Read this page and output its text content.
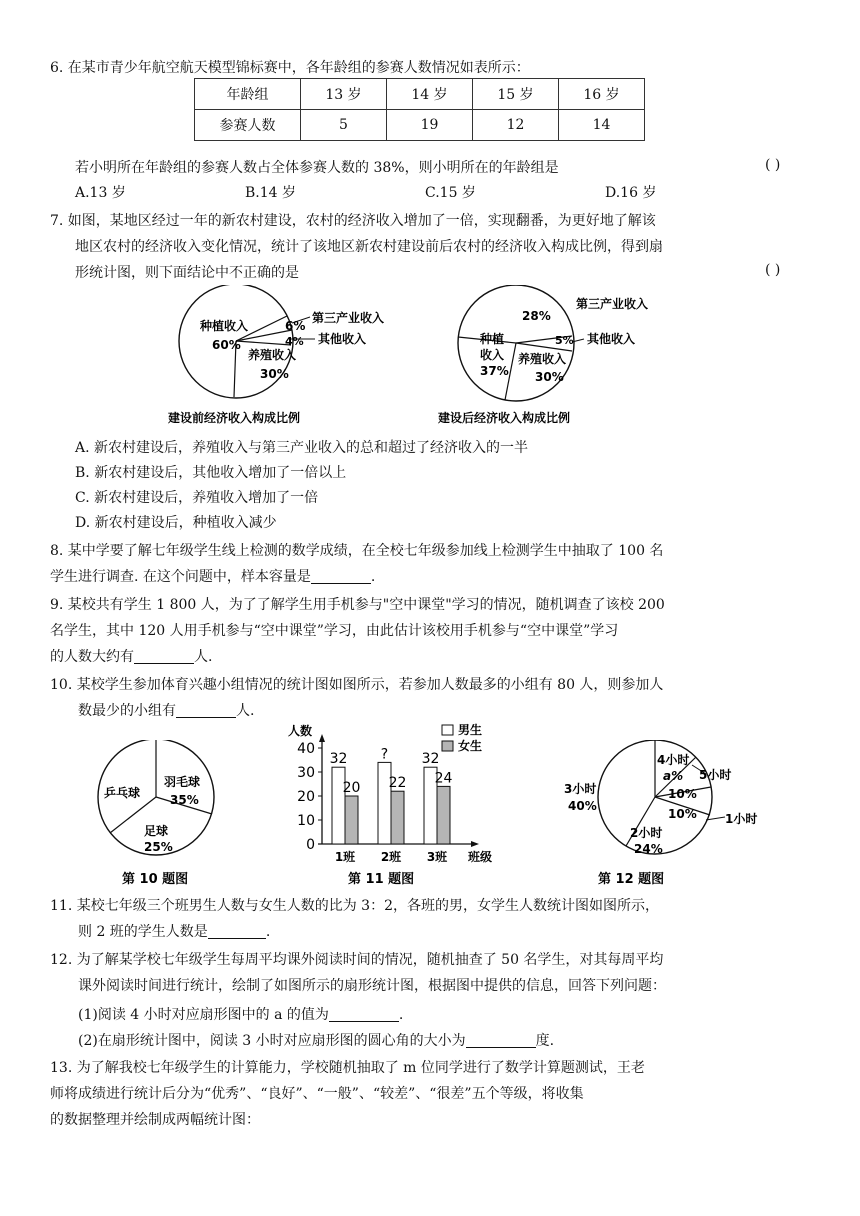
6. 在某市青少年航空航天模型锦标赛中，各年龄组的参赛人数情况如表所示：
年龄组	13 岁	14 岁	15 岁	16 岁
参赛人数	5	19	12	14
若小明所在年龄组的参赛人数占全体参赛人数的 38%，则小明所在的年龄组是	( )
A.13 岁	B.14 岁	C.15 岁	D.16 岁
7. 如图，某地区经过一年的新农村建设，农村的经济收入增加了一倍，实现翻番，为更好地了解该
地区农村的经济收入变化情况，统计了该地区新农村建设前后农村的经济收入构成比例，得到扇
形统计图，则下面结论中不正确的是	( )
种植收入
60%
6%
4%
养殖收入
30%
第三产业收入
其他收入
28%
种植
收入
37%
5%
养殖收入
30%
第三产业收入
其他收入
建设前经济收入构成比例	建设后经济收入构成比例
A. 新农村建设后，养殖收入与第三产业收入的总和超过了经济收入的一半
B. 新农村建设后，其他收入增加了一倍以上
C. 新农村建设后，养殖收入增加了一倍
D. 新农村建设后，种植收入减少
8. 某中学要了解七年级学生线上检测的数学成绩，在全校七年级参加线上检测学生中抽取了 100 名
学生进行调查. 在这个问题中，样本容量是	.
9. 某校共有学生 1 800 人，为了了解学生用手机参与"空中课堂"学习的情况，随机调查了该校 200
名学生，其中 120 人用手机参与“空中课堂”学习，由此估计该校用手机参与“空中课堂”学习
的人数大约有	人.
10. 某校学生参加体育兴趣小组情况的统计图如图所示，若参加人数最多的小组有 80 人，则参加人
数最少的小组有	人.
乒乓球
羽毛球
35%
足球
25%
第 10 题图
人数
0
10
20
30
40
32
20
?
22
32
24
1班 2班 3班 班级
男生
女生
第 11 题图
3小时
40%
4小时
a% 5小时
10%
10% 1小时
2小时
24%
第 12 题图
11. 某校七年级三个班男生人数与女生人数的比为 3：2，各班的男，女学生人数统计图如图所示，
则 2 班的学生人数是	.
12. 为了解某学校七年级学生每周平均课外阅读时间的情况，随机抽查了 50 名学生，对其每周平均
课外阅读时间进行统计，绘制了如图所示的扇形统计图，根据图中提供的信息，回答下列问题：
(1)阅读 4 小时对应扇形图中的 a 的值为	.
(2)在扇形统计图中，阅读 3 小时对应扇形图的圆心角的大小为	度.
13. 为了解我校七年级学生的计算能力，学校随机抽取了 m 位同学进行了数学计算题测试，王老
师将成绩进行统计后分为“优秀”、“良好”、“一般”、“较差”、“很差”五个等级，将收集
的数据整理并绘制成两幅统计图：
